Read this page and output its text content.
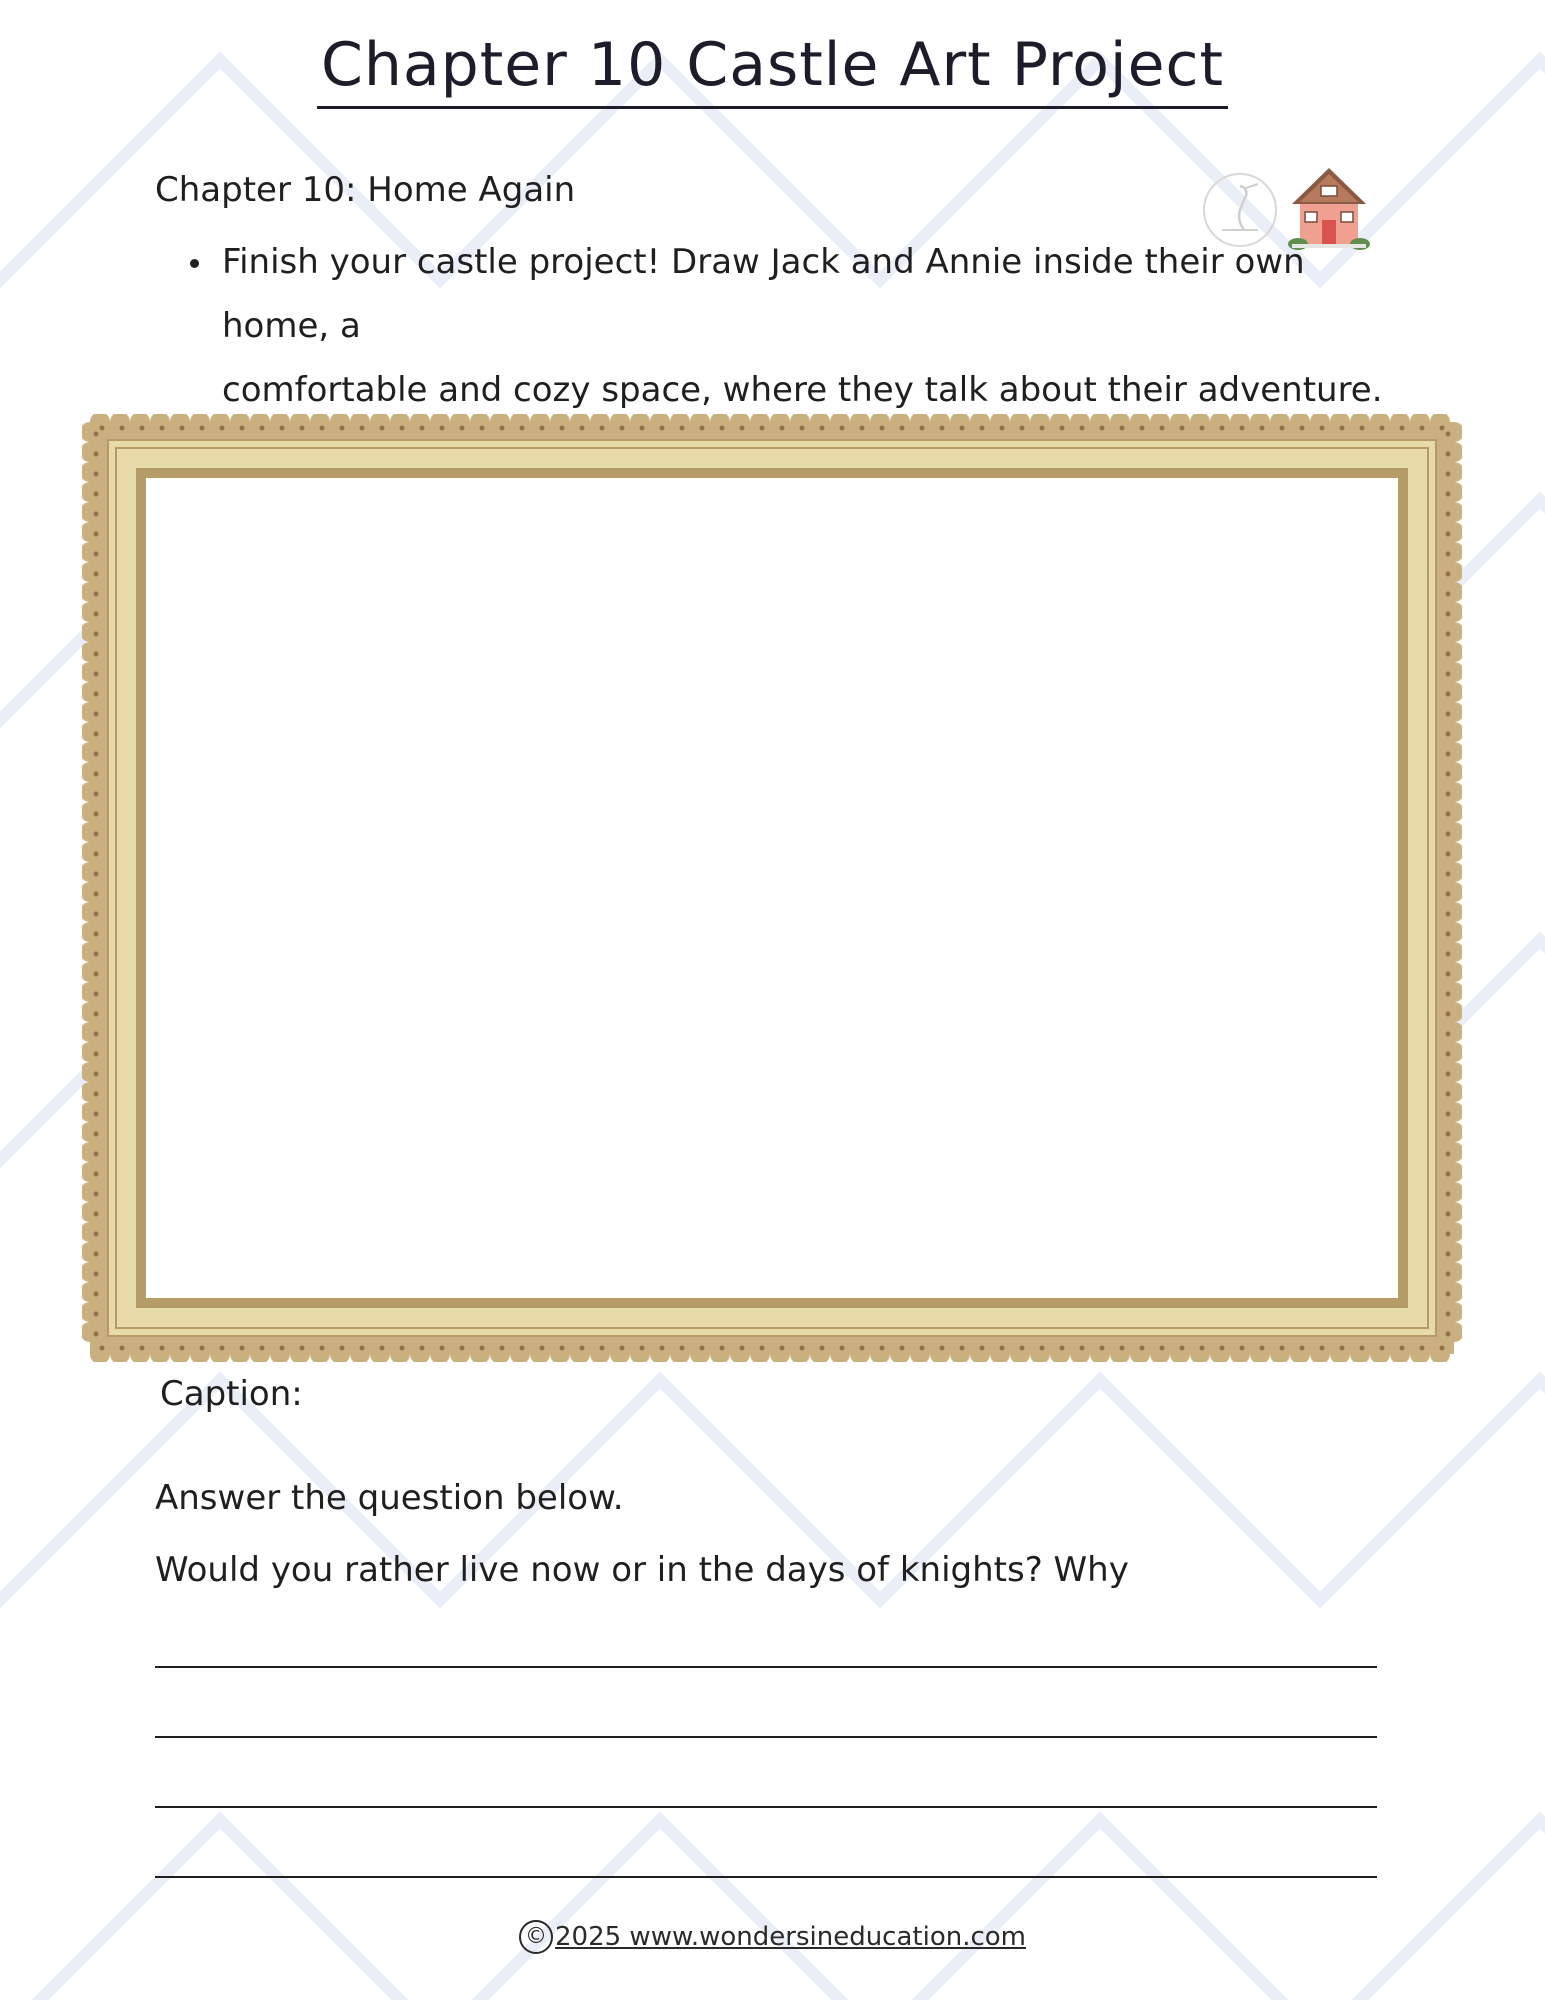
Chapter 10 Castle Art Project
Chapter 10: Home Again
Finish your castle project! Draw Jack and Annie inside their own home, a
comfortable and cozy space, where they talk about their adventure.
Caption:
Answer the question below.
Would you rather live now or in the days of knights? Why
© 2025 www.wondersineducation.com
